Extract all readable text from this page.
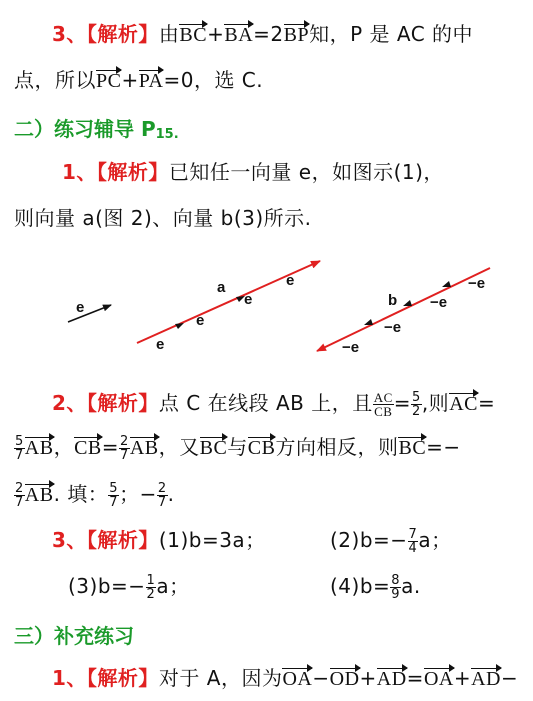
3、【解析】由BC+BA=2BP知，P 是 AC 的中
点，所以PC+PA=0，选 C.
二）练习辅导 P15.
1、【解析】已知任一向量 e，如图示(1)，
则向量 a(图 2)、向量 b(3)所示.
e
a
e
e
e
e
b
−e
−e
−e
−e
2、【解析】点 C 在线段 AB 上，且 $\frac{AC}{CB} = \frac{5}{2}$ ,则AC=
$\frac{5}{7}$ AB，$CB= \frac{2}{7}$ AB，又BC与CB方向相反，则BC=−
$\frac{2}{7}$ AB. 填： $\frac{5}{7}$ ；− $\frac{2}{7}$ .
3、【解析】(1)b=3a；	$(2)b=- \frac{7}{4}$ a；
$(3)b=- \frac{1}{2}$ a；	$(4)b= \frac{8}{9} a$.
三）补充练习
1、【解析】对于 A，因为OA−OD+AD=OA+AD−
